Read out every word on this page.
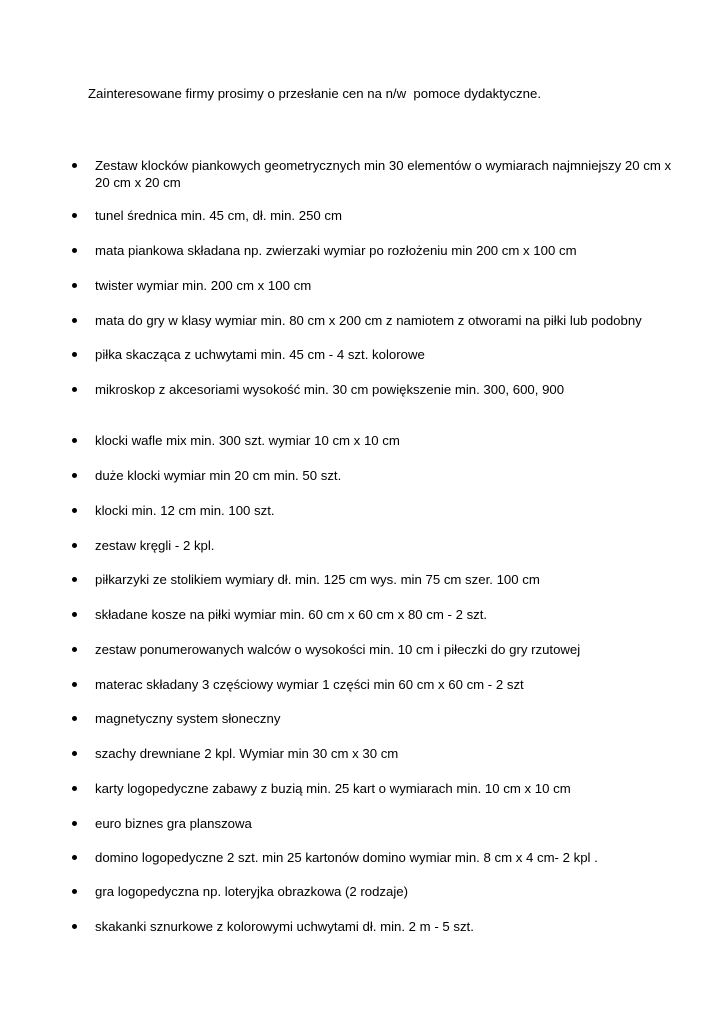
Zainteresowane firmy prosimy o przesłanie cen na n/w  pomoce dydaktyczne.
Zestaw klocków piankowych geometrycznych min 30 elementów o wymiarach najmniejszy 20 cm x 20 cm x 20 cm
tunel średnica min. 45 cm, dł. min. 250 cm
mata piankowa składana np. zwierzaki wymiar po rozłożeniu min 200 cm x 100 cm
twister wymiar min. 200 cm x 100 cm
mata do gry w klasy wymiar min. 80 cm x 200 cm z namiotem z otworami na piłki lub podobny
piłka skacząca z uchwytami min. 45 cm - 4 szt. kolorowe
mikroskop z akcesoriami wysokość min. 30 cm powiększenie min. 300, 600, 900
klocki wafle mix min. 300 szt. wymiar 10 cm x 10 cm
duże klocki wymiar min 20 cm min. 50 szt.
klocki min. 12 cm min. 100 szt.
zestaw kręgli - 2 kpl.
piłkarzyki ze stolikiem wymiary dł. min. 125 cm wys. min 75 cm szer. 100 cm
składane kosze na piłki wymiar min. 60 cm x 60 cm x 80 cm - 2 szt.
zestaw ponumerowanych walców o wysokości min. 10 cm i piłeczki do gry rzutowej
materac składany 3 częściowy wymiar 1 części min 60 cm x 60 cm - 2 szt
magnetyczny system słoneczny
szachy drewniane 2 kpl. Wymiar min 30 cm x 30 cm
karty logopedyczne zabawy z buzią min. 25 kart o wymiarach min. 10 cm x 10 cm
euro biznes gra planszowa
domino logopedyczne 2 szt. min 25 kartonów domino wymiar min. 8 cm x 4 cm- 2 kpl .
gra logopedyczna np. loteryjka obrazkowa (2 rodzaje)
skakanki sznurkowe z kolorowymi uchwytami dł. min. 2 m - 5 szt.
